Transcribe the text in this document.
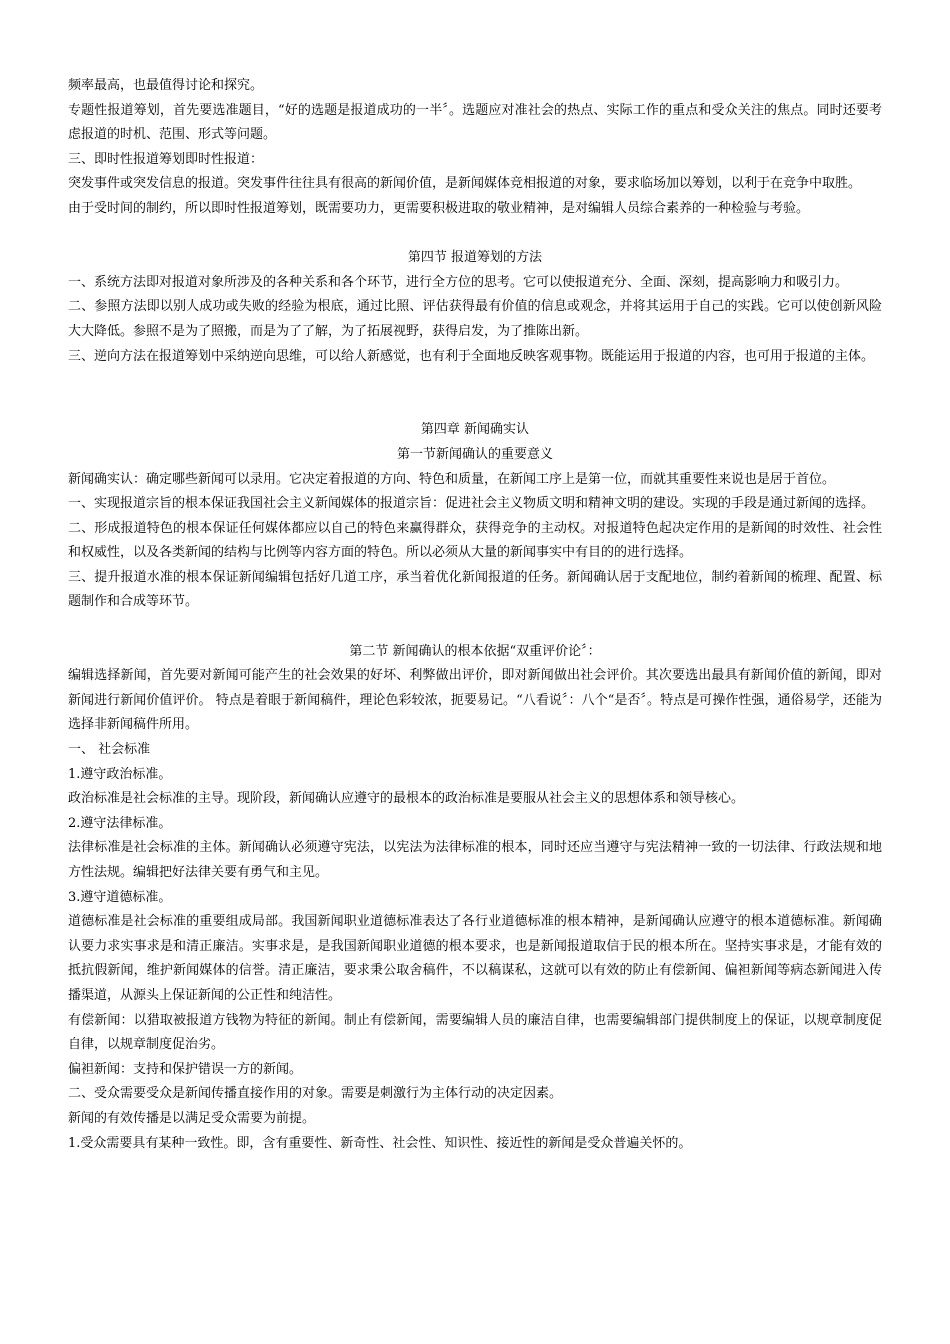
频率最高，也最值得讨论和探究。

专题性报道筹划，首先要选准题目，“好的选题是报道成功的一半〞。选题应对准社会的热点、实际工作的重点和受众关注的焦点。同时还要考虑报道的时机、范围、形式等问题。

三、即时性报道筹划即时性报道：

突发事件或突发信息的报道。突发事件往往具有很高的新闻价值，是新闻媒体竞相报道的对象，要求临场加以筹划，以利于在竞争中取胜。

由于受时间的制约，所以即时性报道筹划，既需要功力，更需要积极进取的敬业精神，是对编辑人员综合素养的一种检验与考验。

第四节 报道筹划的方法

一、系统方法即对报道对象所涉及的各种关系和各个环节，进行全方位的思考。它可以使报道充分、全面、深刻，提高影响力和吸引力。

二、参照方法即以别人成功或失败的经验为根底，通过比照、评估获得最有价值的信息或观念，并将其运用于自己的实践。它可以使创新风险大大降低。参照不是为了照搬，而是为了了解，为了拓展视野，获得启发，为了推陈出新。

三、逆向方法在报道筹划中采纳逆向思维，可以给人新感觉，也有利于全面地反映客观事物。既能运用于报道的内容，也可用于报道的主体。

第四章 新闻确实认

第一节新闻确认的重要意义

新闻确实认：确定哪些新闻可以录用。它决定着报道的方向、特色和质量，在新闻工序上是第一位，而就其重要性来说也是居于首位。

一、实现报道宗旨的根本保证我国社会主义新闻媒体的报道宗旨：促进社会主义物质文明和精神文明的建设。实现的手段是通过新闻的选择。

二、形成报道特色的根本保证任何媒体都应以自己的特色来赢得群众，获得竞争的主动权。对报道特色起决定作用的是新闻的时效性、社会性和权威性，以及各类新闻的结构与比例等内容方面的特色。所以必须从大量的新闻事实中有目的的进行选择。

三、提升报道水准的根本保证新闻编辑包括好几道工序，承当着优化新闻报道的任务。新闻确认居于支配地位，制约着新闻的梳理、配置、标题制作和合成等环节。

第二节 新闻确认的根本依据“双重评价论〞：

编辑选择新闻，首先要对新闻可能产生的社会效果的好坏、利弊做出评价，即对新闻做出社会评价。其次要选出最具有新闻价值的新闻，即对新闻进行新闻价值评价。 特点是着眼于新闻稿件，理论色彩较浓，扼要易记。“八看说〞：八个“是否〞。特点是可操作性强，通俗易学，还能为选择非新闻稿件所用。

一、 社会标准

1.遵守政治标准。

政治标准是社会标准的主导。现阶段，新闻确认应遵守的最根本的政治标准是要服从社会主义的思想体系和领导核心。

2.遵守法律标准。

法律标准是社会标准的主体。新闻确认必须遵守宪法，以宪法为法律标准的根本，同时还应当遵守与宪法精神一致的一切法律、行政法规和地方性法规。编辑把好法律关要有勇气和主见。

3.遵守道德标准。

道德标准是社会标准的重要组成局部。我国新闻职业道德标准表达了各行业道德标准的根本精神，是新闻确认应遵守的根本道德标准。新闻确认要力求实事求是和清正廉洁。实事求是，是我国新闻职业道德的根本要求，也是新闻报道取信于民的根本所在。坚持实事求是，才能有效的抵抗假新闻，维护新闻媒体的信誉。清正廉洁，要求秉公取舍稿件，不以稿谋私，这就可以有效的防止有偿新闻、偏袒新闻等病态新闻进入传播渠道，从源头上保证新闻的公正性和纯洁性。

有偿新闻：以猎取被报道方钱物为特征的新闻。制止有偿新闻，需要编辑人员的廉洁自律，也需要编辑部门提供制度上的保证，以规章制度促自律，以规章制度促治劣。

偏袒新闻：支持和保护错误一方的新闻。

二、受众需要受众是新闻传播直接作用的对象。需要是刺激行为主体行动的决定因素。

新闻的有效传播是以满足受众需要为前提。

1.受众需要具有某种一致性。即，含有重要性、新奇性、社会性、知识性、接近性的新闻是受众普遍关怀的。
